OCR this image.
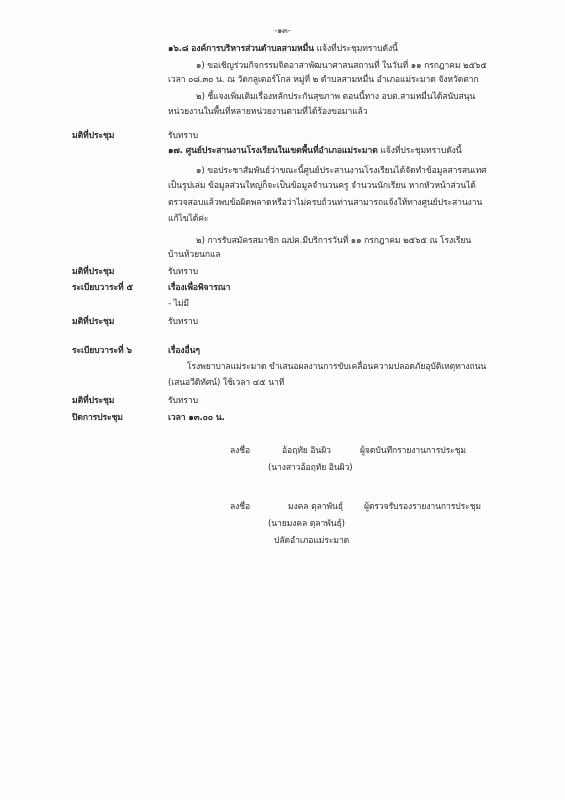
-๑๓-
๑๖.๘ องค์การบริหารส่วนตำบลสามหมื่น แจ้งที่ประชุมทราบดังนี้
๑) ขอเชิญร่วมกิจกรรมจิตอาสาพัฒนาศาสนสถานที่ ในวันที่ ๑๑ กรกฎาคม ๒๕๖๕
เวลา ๐๘.๓๐ น. ณ วัดกลูเตอร์โกล หมู่ที่ ๒ ตำบลสามหมื่น อำเภอแม่ระมาด จังหวัดตาก
๒) ชี้แจงเพิ่มเติมเรื่องหลักประกันสุขภาพ ตอนนี้ทาง อบต.สามหมื่นได้สนับสนุน
หน่วยงานในพื้นที่หลายหน่วยงานตามที่ได้ร้องขอมาแล้ว
มติที่ประชุม	รับทราบ
๑๗. ศูนย์ประสานงานโรงเรียนในเขตพื้นที่อำเภอแม่ระมาด แจ้งที่ประชุมทราบดังนี้
๑) ขอประชาสัมพันธ์ว่าขณะนี้ศูนย์ประสานงานโรงเรียนได้จัดทำข้อมูลสารสนเทศ
เป็นรูปเล่ม ข้อมูลส่วนใหญ่ก็จะเป็นข้อมูลจำนวนครู จำนวนนักเรียน หากหัวหน้าส่วนได้
ตรวจสอบแล้วพบข้อผิดพลาดหรือว่าไม่ครบถ้วนท่านสามารถแจ้งให้ทางศูนย์ประสานงาน
แก้ไขได้ค่ะ
๒) การรับสมัครสมาชิก ฌปค.มีบริการวันที่ ๑๑ กรกฎาคม ๒๕๖๕ ณ โรงเรียน
บ้านห้วยนกแล
มติที่ประชุม	รับทราบ
ระเบียบวาระที่ ๕	เรื่องเพื่อพิจารณา
- ไม่มี
มติที่ประชุม	รับทราบ
ระเบียบวาระที่ ๖	เรื่องอื่นๆ
โรงพยาบาลแม่ระมาด ขำเสนอผลงานการขับเคลื่อนความปลอดภัยอุบัติเหตุทางถนน
(เสนอวีดิทัศน์) ใช้เวลา ๔๕ นาที
มติที่ประชุม	รับทราบ
ปิดการประชุม	เวลา ๑๓.๐๐ น.
ลงชื่อ	อ้อฤทัย อินผิว	ผู้จดบันทึกรายงานการประชุม
(นางสาวอ้อฤทัย อินผิว)
ลงชื่อ	มงคล ตุลาพันธุ์ ผู้ตรวจรับรองรายงานการประชุม
(นายมงคล ตุลาพันธุ์)
ปลัดอำเภอแม่ระมาด
